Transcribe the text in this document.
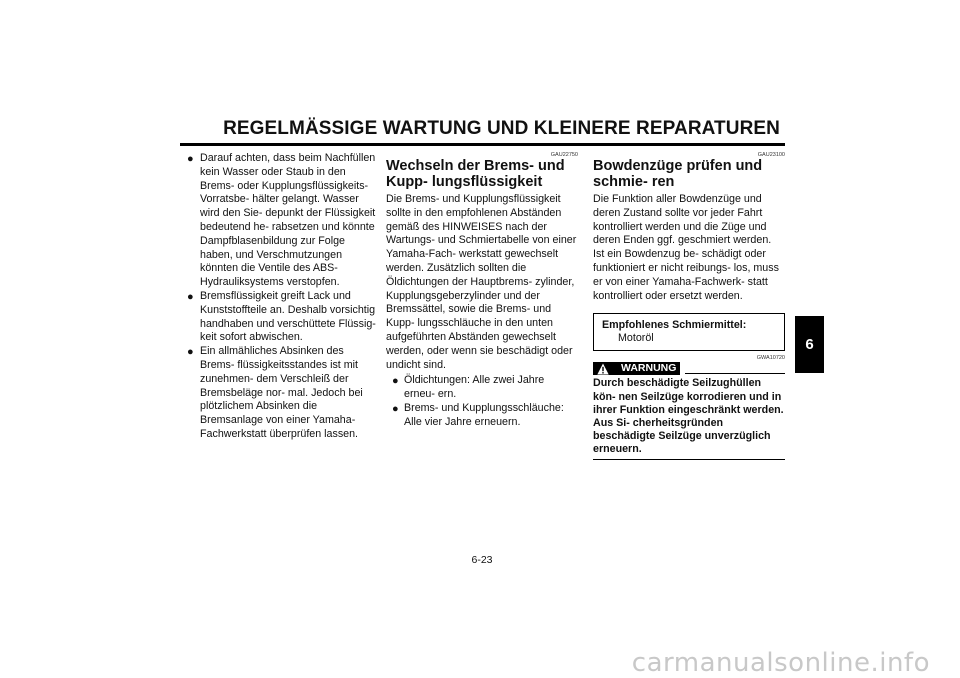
REGELMÄSSIGE WARTUNG UND KLEINERE REPARATUREN
● Darauf achten, dass beim Nachfüllen kein Wasser oder Staub in den Brems- oder Kupplungsflüssigkeits-Vorratsbe- hälter gelangt. Wasser wird den Sie- depunkt der Flüssigkeit bedeutend he- rabsetzen und könnte Dampfblasenbildung zur Folge haben, und Verschmutzungen könnten die Ventile des ABS-Hydrauliksystems verstopfen.
● Bremsflüssigkeit greift Lack und Kunststoffteile an. Deshalb vorsichtig handhaben und verschüttete Flüssig- keit sofort abwischen.
● Ein allmähliches Absinken des Brems- flüssigkeitsstandes ist mit zunehmen- dem Verschleiß der Bremsbeläge nor- mal. Jedoch bei plötzlichem Absinken die Bremsanlage von einer Yamaha- Fachwerkstatt überprüfen lassen.
GAU22750
Wechseln der Brems- und Kupp- lungsflüssigkeit

Die Brems- und Kupplungsflüssigkeit sollte in den empfohlenen Abständen gemäß des HINWEISES nach der Wartungs- und Schmiertabelle von einer Yamaha-Fach- werkstatt gewechselt werden. Zusätzlich sollten die Öldichtungen der Hauptbrems- zylinder, Kupplungsgeberzylinder und der Bremssättel, sowie die Brems- und Kupp- lungsschläuche in den unten aufgeführten Abständen gewechselt werden, oder wenn sie beschädigt oder undicht sind.

● Öldichtungen: Alle zwei Jahre erneu- ern.
● Brems- und Kupplungsschläuche: Alle vier Jahre erneuern.
GAU23100
Bowdenzüge prüfen und schmie- ren

Die Funktion aller Bowdenzüge und deren Zustand sollte vor jeder Fahrt kontrolliert werden und die Züge und deren Enden ggf. geschmiert werden. Ist ein Bowdenzug be- schädigt oder funktioniert er nicht reibungs- los, muss er von einer Yamaha-Fachwerk- statt kontrolliert oder ersetzt werden.

Empfohlenes Schmiermittel:
Motoröl
GWA10720
WARNUNG
Durch beschädigte Seilzughüllen kön- nen Seilzüge korrodieren und in ihrer Funktion eingeschränkt werden. Aus Si- cherheitsgründen beschädigte Seilzüge unverzüglich erneuern.
6
6-23
carmanualsonline.info
